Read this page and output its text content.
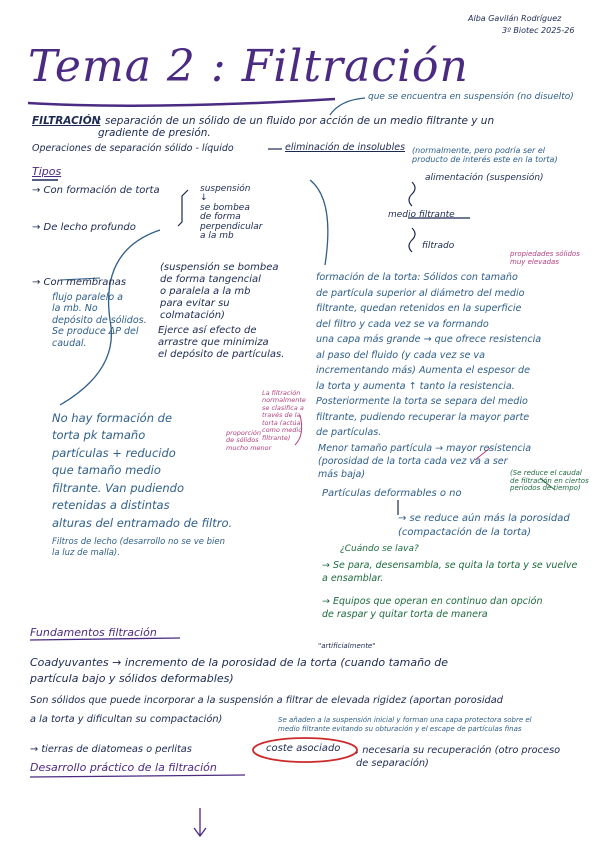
Alba Gavilán Rodríguez
3º Biotec 2025-26
Tema 2 : Filtración
que se encuentra en suspensión (no disuelto)
FILTRACIÓN
: separación de un sólido de un fluido por acción de un medio filtrante y un
gradiente de presión.
Operaciones de separación sólido - líquido	eliminación de insolubles (normalmente, pero podría ser el
producto de interés este en la torta)
Tipos
→ Con formación de torta
→ De lecho profundo
suspensión
↓
se bombea
de forma
perpendicular
a la mb
alimentación (suspensión)
medio filtrante
filtrado
propiedades sólidos
muy elevadas
→ Con membranas
flujo paralelo a
la mb. No
depósito de sólidos.
Se produce ΔP del
caudal.
(suspensión se bombea
de forma tangencial
o paralela a la mb
para evitar su
colmatación)
Ejerce así efecto de
arrastre que minimiza
el depósito de partículas.
formación de la torta: Sólidos con tamaño
de partícula superior al diámetro del medio
filtrante, quedan retenidos en la superficie
del filtro y cada vez se va formando
una capa más grande → que ofrece resistencia
al paso del fluido (y cada vez se va
incrementando más) Aumenta el espesor de
la torta y aumenta ↑ tanto la resistencia.
Posteriormente la torta se separa del medio
filtrante, pudiendo recuperar la mayor parte
de partículas.
La filtración
normalmente
se clasifica a
través de la
torta (actúa
como medio
filtrante)
proporción
de sólidos
mucho menor
No hay formación de
torta pk tamaño
partículas + reducido
que tamaño medio
filtrante. Van pudiendo
retenidas a distintas
alturas del entramado de filtro.
Filtros de lecho (desarrollo no se ve bien
la luz de malla).
Menor tamaño partícula → mayor resistencia
(porosidad de la torta cada vez va a ser
más baja)	(Se reduce el caudal
de filtración en ciertos
periodos de tiempo)
Partículas deformables o no
→ se reduce aún más la porosidad
(compactación de la torta)
¿Cuándo se lava?
→ Se para, desensambla, se quita la torta y se vuelve
a ensamblar.
→ Equipos que operan en continuo dan opción
de raspar y quitar torta de manera
Fundamentos filtración
"artificialmente"
Coadyuvantes → incremento de la porosidad de la torta (cuando tamaño de
partícula bajo y sólidos deformables)
Son sólidos que puede incorporar a la suspensión a filtrar de elevada rigidez (aportan porosidad
a la torta y dificultan su compactación)	Se añaden a la suspensión inicial y forman una capa protectora sobre el
medio filtrante evitando su obturación y el escape de partículas finas
→ tierras de diatomeas o perlitas	coste asociado , necesaria su recuperación (otro proceso
de separación)
Desarrollo práctico de la filtración
